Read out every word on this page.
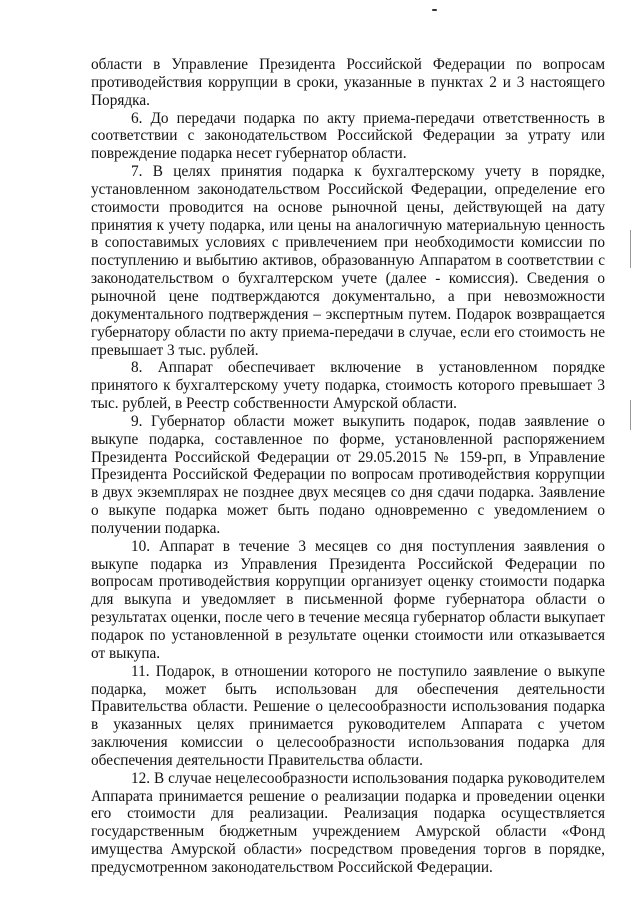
области в Управление Президента Российской Федерации по вопросам противодействия коррупции в сроки, указанные в пунктах 2 и 3 настоящего Порядка.

6. До передачи подарка по акту приема-передачи ответственность в соответствии с законодательством Российской Федерации за утрату или повреждение подарка несет губернатор области.

7. В целях принятия подарка к бухгалтерскому учету в порядке, установленном законодательством Российской Федерации, определение его стоимости проводится на основе рыночной цены, действующей на дату принятия к учету подарка, или цены на аналогичную материальную ценность в сопоставимых условиях с привлечением при необходимости комиссии по поступлению и выбытию активов, образованную Аппаратом в соответствии с законодательством о бухгалтерском учете (далее - комиссия). Сведения о рыночной цене подтверждаются документально, а при невозможности документального подтверждения – экспертным путем. Подарок возвращается губернатору области по акту приема-передачи в случае, если его стоимость не превышает 3 тыс. рублей.

8. Аппарат обеспечивает включение в установленном порядке принятого к бухгалтерскому учету подарка, стоимость которого превышает 3 тыс. рублей, в Реестр собственности Амурской области.

9. Губернатор области может выкупить подарок, подав заявление о выкупе подарка, составленное по форме, установленной распоряжением Президента Российской Федерации от 29.05.2015 № 159-рп, в Управление Президента Российской Федерации по вопросам противодействия коррупции в двух экземплярах не позднее двух месяцев со дня сдачи подарка. Заявление о выкупе подарка может быть подано одновременно с уведомлением о получении подарка.

10. Аппарат в течение 3 месяцев со дня поступления заявления о выкупе подарка из Управления Президента Российской Федерации по вопросам противодействия коррупции организует оценку стоимости подарка для выкупа и уведомляет в письменной форме губернатора области о результатах оценки, после чего в течение месяца губернатор области выкупает подарок по установленной в результате оценки стоимости или отказывается от выкупа.

11. Подарок, в отношении которого не поступило заявление о выкупе подарка, может быть использован для обеспечения деятельности Правительства области. Решение о целесообразности использования подарка в указанных целях принимается руководителем Аппарата с учетом заключения комиссии о целесообразности использования подарка для обеспечения деятельности Правительства области.

12. В случае нецелесообразности использования подарка руководителем Аппарата принимается решение о реализации подарка и проведении оценки его стоимости для реализации. Реализация подарка осуществляется государственным бюджетным учреждением Амурской области «Фонд имущества Амурской области» посредством проведения торгов в порядке, предусмотренном законодательством Российской Федерации.
